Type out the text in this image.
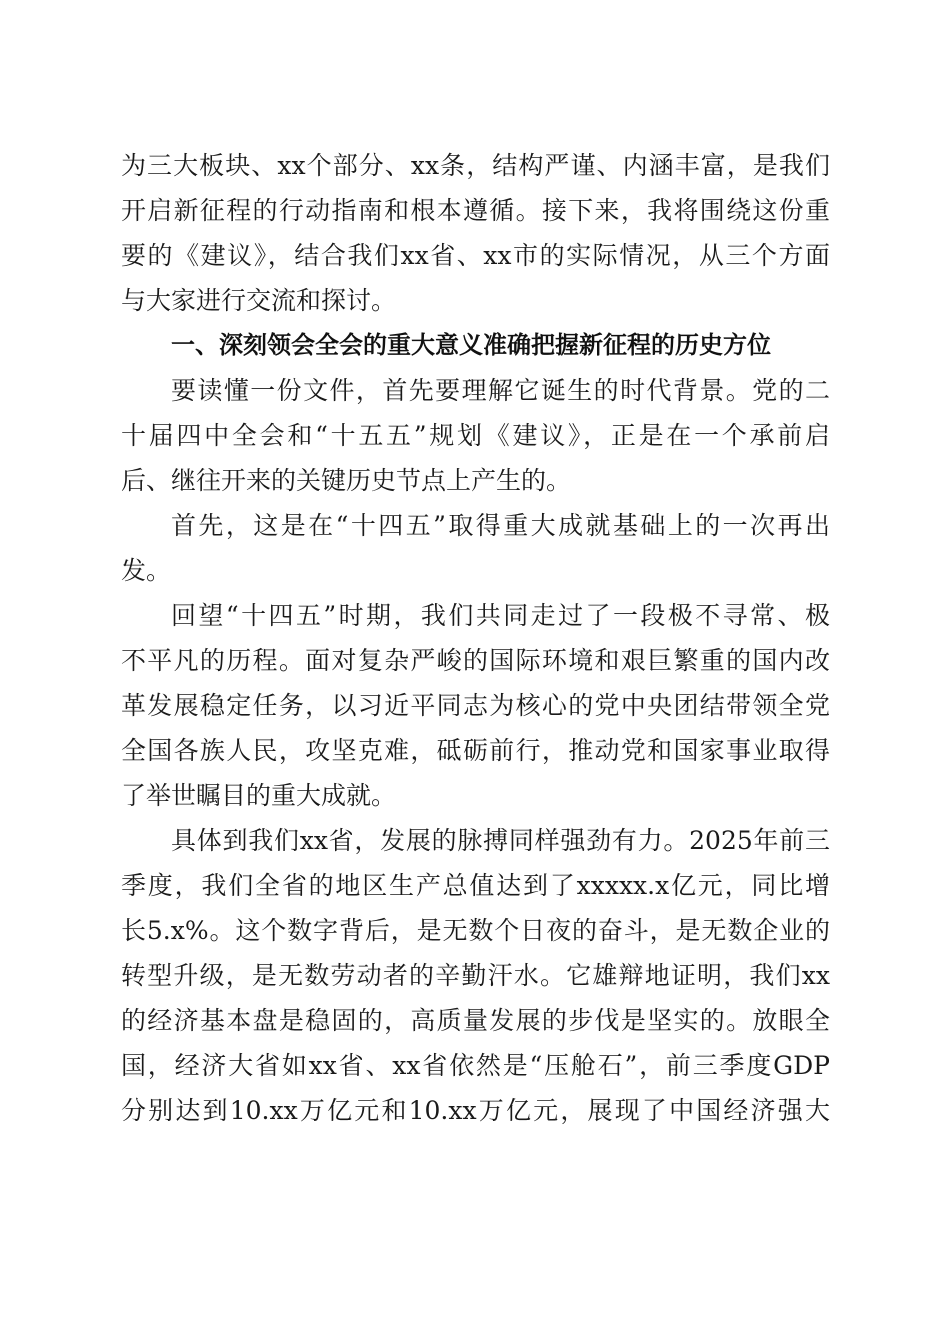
为三大板块、xx个部分、xx条，结构严谨、内涵丰富，是我们
开启新征程的行动指南和根本遵循。接下来，我将围绕这份重
要的《建议》，结合我们xx省、xx市的实际情况，从三个方面
与大家进行交流和探讨。
一、深刻领会全会的重大意义准确把握新征程的历史方位
要读懂一份文件，首先要理解它诞生的时代背景。党的二
十届四中全会和“十五五”规划《建议》，正是在一个承前启
后、继往开来的关键历史节点上产生的。
首先，这是在“十四五”取得重大成就基础上的一次再出
发。
回望“十四五”时期，我们共同走过了一段极不寻常、极
不平凡的历程。面对复杂严峻的国际环境和艰巨繁重的国内改
革发展稳定任务，以习近平同志为核心的党中央团结带领全党
全国各族人民，攻坚克难，砥砺前行，推动党和国家事业取得
了举世瞩目的重大成就。
具体到我们xx省，发展的脉搏同样强劲有力。2025年前三
季度，我们全省的地区生产总值达到了xxxxx.x亿元，同比增
长5.x%。这个数字背后，是无数个日夜的奋斗，是无数企业的
转型升级，是无数劳动者的辛勤汗水。它雄辩地证明，我们xx
的经济基本盘是稳固的，高质量发展的步伐是坚实的。放眼全
国，经济大省如xx省、xx省依然是“压舱石”，前三季度GDP
分别达到10.xx万亿元和10.xx万亿元，展现了中国经济强大
